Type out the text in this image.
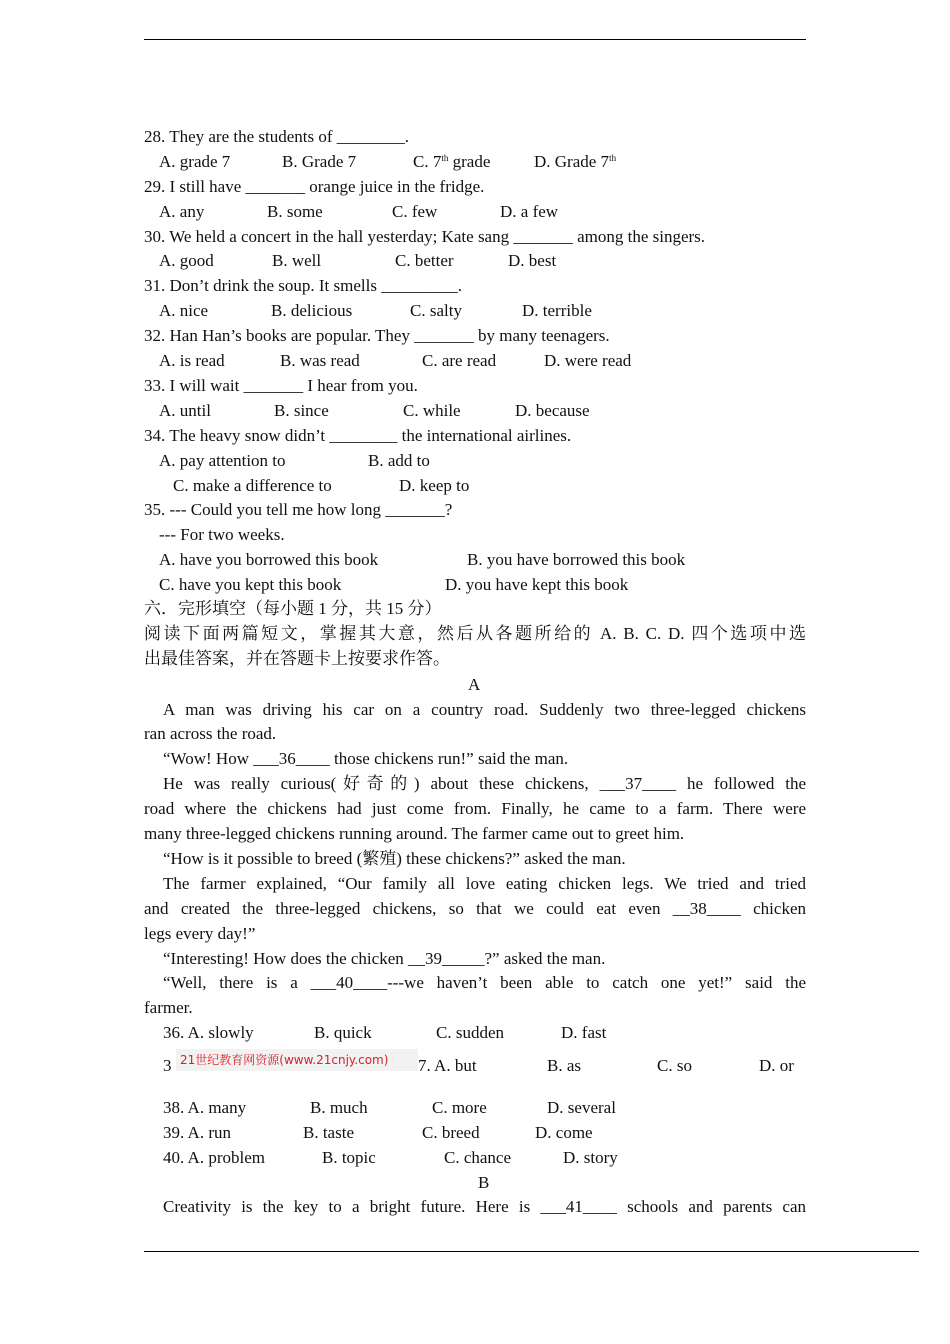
28. They are the students of ________.
A. grade 7	B. Grade 7	C. 7th grade	D. Grade 7th
29. I still have _______ orange juice in the fridge.
A. any	B. some	C. few	D. a few
30. We held a concert in the hall yesterday; Kate sang _______ among the singers.
A. good	B. well	C. better	D. best
31. Don’t drink the soup. It smells _________.
A. nice	B. delicious	C. salty	D. terrible
32. Han Han’s books are popular. They _______ by many teenagers.
A. is read	B. was read	C. are read	D. were read
33. I will wait _______ I hear from you.
A. until	B. since	C. while	D. because
34. The heavy snow didn’t ________ the international airlines.
A. pay attention to	B. add to
C. make a difference to	D. keep to
35. --- Could you tell me how long _______?
--- For two weeks.
A. have you borrowed this book	B. you have borrowed this book
C. have you kept this book	D. you have kept this book
六．完形填空（每小题 1 分，共 15 分）
阅读下面两篇短文，掌握其大意，然后从各题所给的 A. B. C. D. 四个选项中选
出最佳答案，并在答题卡上按要求作答。
A
A man was driving his car on a country road. Suddenly two three-legged chickens
ran across the road.
“Wow! How ___36____ those chickens run!” said the man.
He was really curious(好奇的) about these chickens, ___37____ he followed the
road where the chickens had just come from. Finally, he came to a farm. There were
many three-legged chickens running around. The farmer came out to greet him.
“How is it possible to breed (繁殖) these chickens?” asked the man.
The farmer explained, “Our family all love eating chicken legs. We tried and tried
and created the three-legged chickens, so that we could eat even __38____ chicken
legs every day!”
“Interesting! How does the chicken __39_____?” asked the man.
“Well, there is a ___40____---we haven’t been able to catch one yet!” said the
farmer.
36. A. slowly	B. quick	C. sudden	D. fast
3 21世纪教育网资源(www.21cnjy.com)	7. A. but	B. as	C. so	D. or
38. A. many	B. much	C. more	D. several
39. A. run	B. taste	C. breed	D. come
40. A. problem	B. topic	C. chance	D. story
B
Creativity is the key to a bright future. Here is ___41____ schools and parents can
